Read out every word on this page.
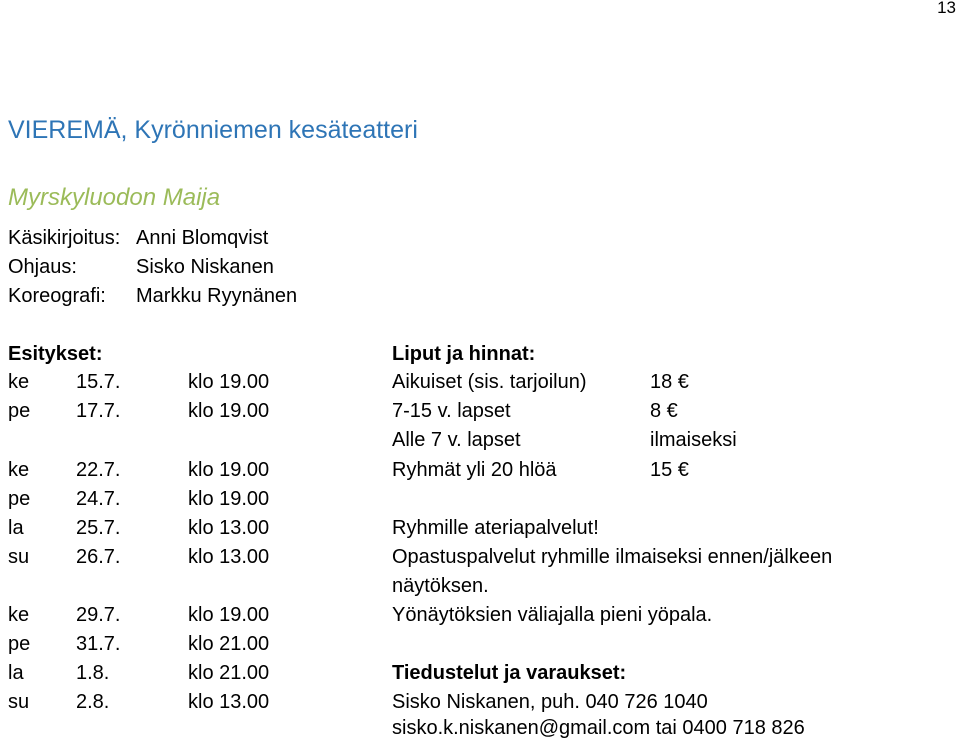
13
VIEREMÄ, Kyrönniemen kesäteatteri
Myrskyluodon Maija
Käsikirjoitus: Anni Blomqvist
Ohjaus:	Sisko Niskanen
Koreografi: Markku Ryynänen
Esitykset:	Liput ja hinnat:
ke 15.7.	klo 19.00
pe 17.7.	klo 19.00
ke 22.7.	klo 19.00
pe 24.7.	klo 19.00
la	25.7.	klo 13.00
su 26.7.	klo 13.00
ke 29.7.	klo 19.00
pe 31.7.	klo 21.00
la	1.8.	klo 21.00
su 2.8.	klo 13.00
Aikuiset (sis. tarjoilun)	18 €
7-15 v. lapset	8 €
Alle 7 v. lapset	ilmaiseksi
Ryhmät yli 20 hlöä	15 €
Ryhmille ateriapalvelut!
Opastuspalvelut ryhmille ilmaiseksi ennen/jälkeen
näytöksen.
Yönäytöksien väliajalla pieni yöpala.
Tiedustelut ja varaukset:
Sisko Niskanen, puh. 040 726 1040
sisko.k.niskanen@gmail.com tai 0400 718 826
